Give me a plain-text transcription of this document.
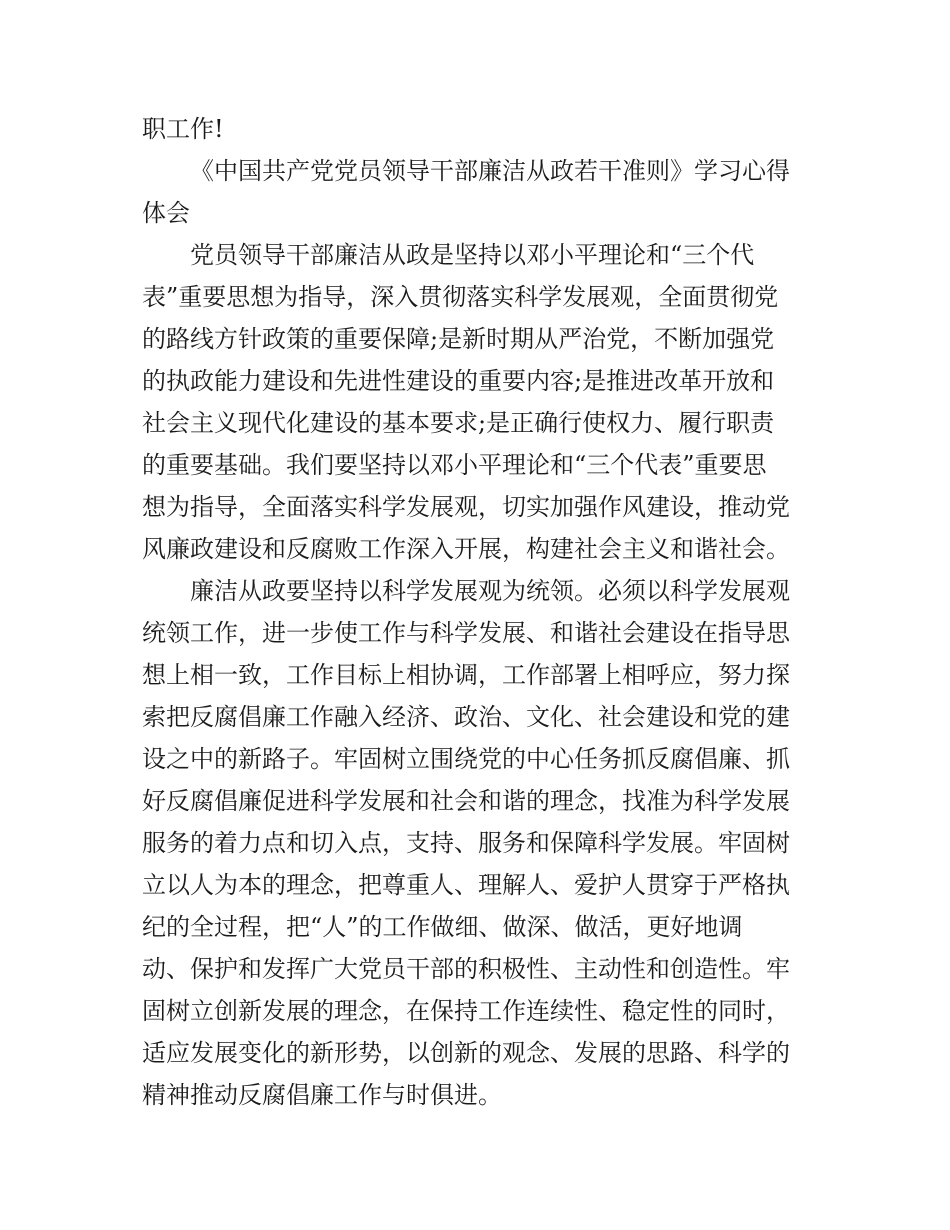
职工作!
《中国共产党党员领导干部廉洁从政若干准则》学习心得
体会
党员领导干部廉洁从政是坚持以邓小平理论和“三个代
表”重要思想为指导，深入贯彻落实科学发展观，全面贯彻党
的路线方针政策的重要保障;是新时期从严治党，不断加强党
的执政能力建设和先进性建设的重要内容;是推进改革开放和
社会主义现代化建设的基本要求;是正确行使权力、履行职责
的重要基础。我们要坚持以邓小平理论和“三个代表”重要思
想为指导，全面落实科学发展观，切实加强作风建设，推动党
风廉政建设和反腐败工作深入开展，构建社会主义和谐社会。
廉洁从政要坚持以科学发展观为统领。必须以科学发展观
统领工作，进一步使工作与科学发展、和谐社会建设在指导思
想上相一致，工作目标上相协调，工作部署上相呼应，努力探
索把反腐倡廉工作融入经济、政治、文化、社会建设和党的建
设之中的新路子。牢固树立围绕党的中心任务抓反腐倡廉、抓
好反腐倡廉促进科学发展和社会和谐的理念，找准为科学发展
服务的着力点和切入点，支持、服务和保障科学发展。牢固树
立以人为本的理念，把尊重人、理解人、爱护人贯穿于严格执
纪的全过程，把“人”的工作做细、做深、做活，更好地调
动、保护和发挥广大党员干部的积极性、主动性和创造性。牢
固树立创新发展的理念，在保持工作连续性、稳定性的同时，
适应发展变化的新形势，以创新的观念、发展的思路、科学的
精神推动反腐倡廉工作与时俱进。
